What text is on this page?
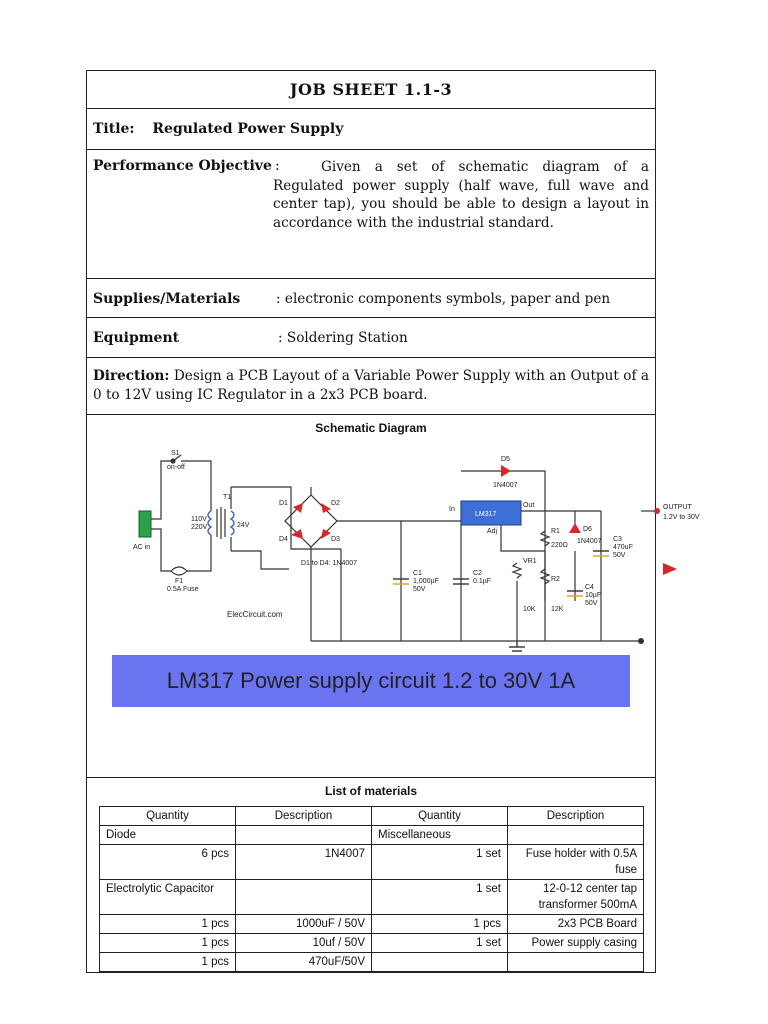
JOB SHEET 1.1-3
Title: Regulated Power Supply
Performance Objective :	Given a set of schematic diagram of a Regulated power supply (half wave, full wave and center tap), you should be able to design a layout in accordance with the industrial standard.
Supplies/Materials	: electronic components symbols, paper and pen
Equipment	: Soldering Station
Direction: Design a PCB Layout of a Variable Power Supply with an Output of a 0 to 12V using IC Regulator in a 2x3 PCB board.
Schematic Diagram
S1
on-off
T1
110V
220V	24V
AC in
F1
0.5A Fuse
D1	D2
D3
D4
D1 to D4: 1N4007
D5
1N4007
LM317
In
Out
Adj	R1
220Ω
D6
1N4007 C3
470uF
50V
C1
1,000µF
50V
C2
0.1µF
VR1
10K
R2
12K
C4
10µF
50V
OUTPUT
1.2V to 30V
ElecCircuit.com
LM317 Power supply circuit 1.2 to 30V 1A
List of materials
Quantity	Description	Quantity	Description
Diode		Miscellaneous	
6 pcs	1N4007	1 set	Fuse holder with 0.5A fuse
Electrolytic Capacitor		1 set	12-0-12 center tap transformer 500mA
1 pcs	1000uF / 50V	1 pcs	2x3 PCB Board
1 pcs	10uf / 50V	1 set	Power supply casing
1 pcs	470uF/50V		
